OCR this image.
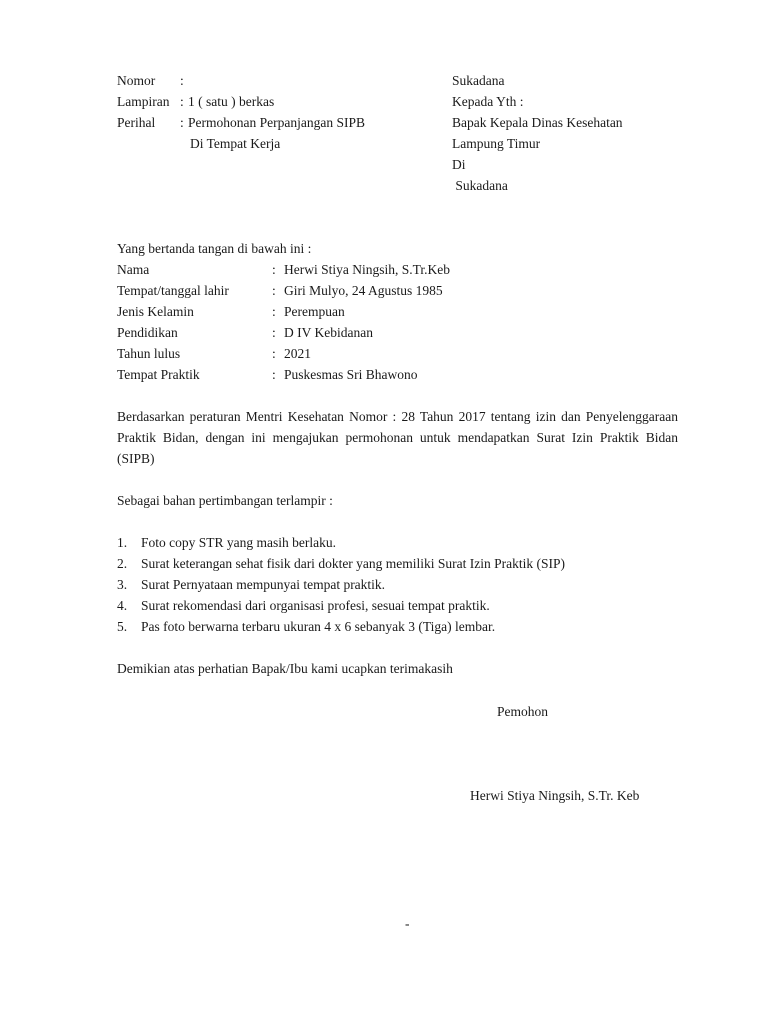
Nomor	:
Lampiran : 1 ( satu ) berkas
Perihal	: Permohonan Perpanjangan SIPB
Di Tempat Kerja
Sukadana
Kepada Yth :
Bapak Kepala Dinas Kesehatan
Lampung Timur
Di
Sukadana
Yang bertanda tangan di bawah ini :
Nama	: Herwi Stiya Ningsih, S.Tr.Keb
Tempat/tanggal lahir	: Giri Mulyo, 24 Agustus 1985
Jenis Kelamin	: Perempuan
Pendidikan	: D IV Kebidanan
Tahun lulus	: 2021
Tempat Praktik	: Puskesmas Sri Bhawono
Berdasarkan peraturan Mentri Kesehatan Nomor : 28 Tahun 2017 tentang izin dan Penyelenggaraan Praktik Bidan, dengan ini mengajukan permohonan untuk mendapatkan Surat Izin Praktik Bidan (SIPB)
Sebagai bahan pertimbangan terlampir :
1.	Foto copy STR yang masih berlaku.
2.	Surat keterangan sehat fisik dari dokter yang memiliki Surat Izin Praktik (SIP)
3.	Surat Pernyataan mempunyai tempat praktik.
4.	Surat rekomendasi dari organisasi profesi, sesuai tempat praktik.
5.	Pas foto berwarna terbaru ukuran 4 x 6 sebanyak 3 (Tiga) lembar.
Demikian atas perhatian Bapak/Ibu kami ucapkan terimakasih
Pemohon
Herwi Stiya Ningsih, S.Tr. Keb
-
